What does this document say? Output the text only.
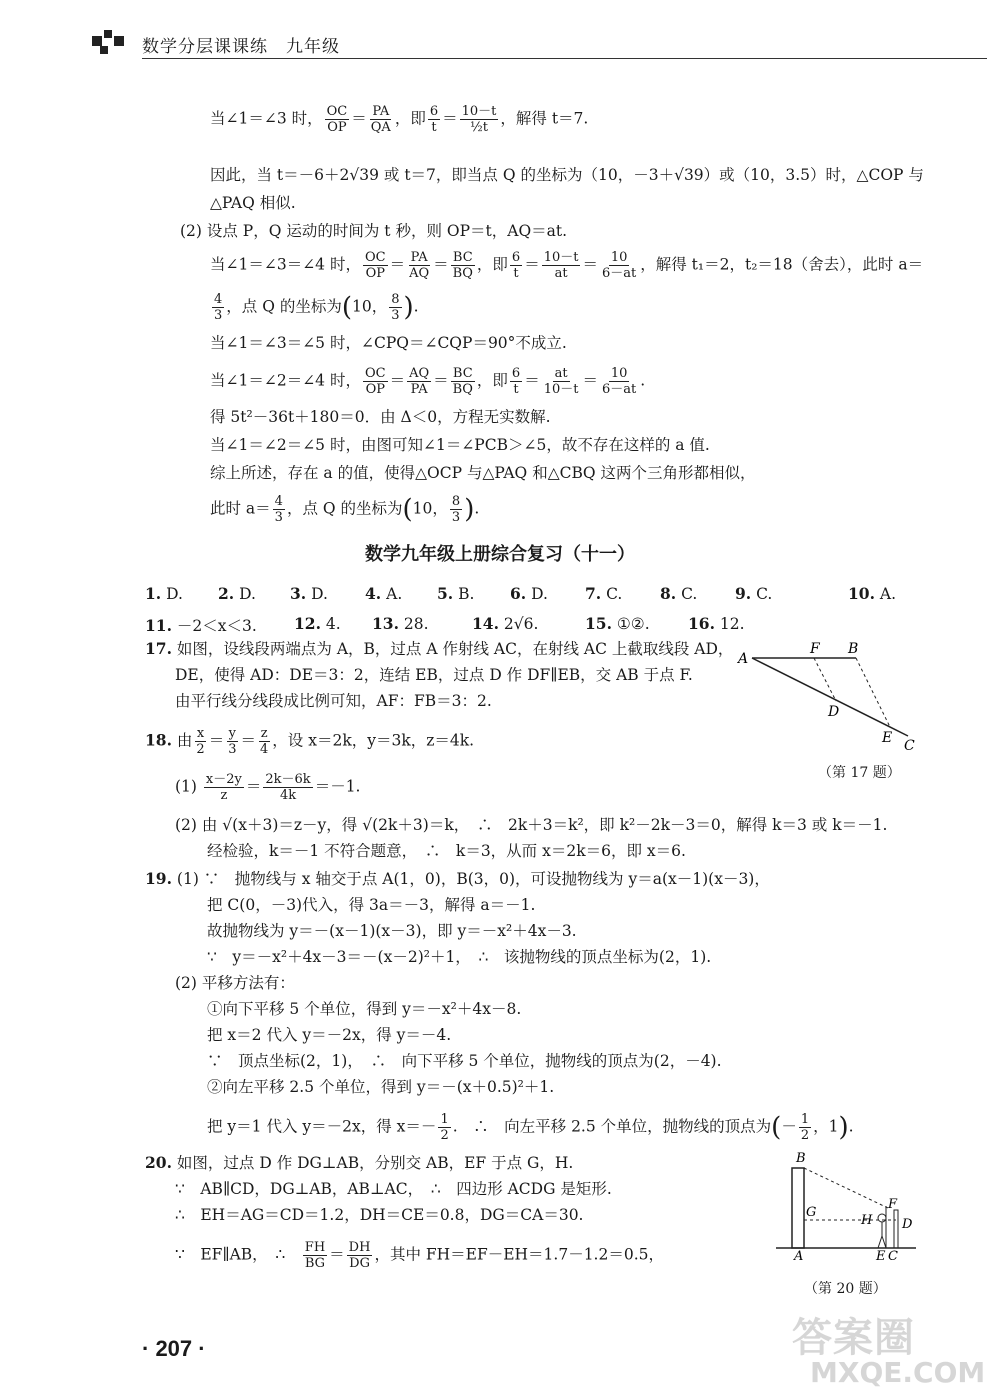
数学分层课课练　九年级
当∠1＝∠3 时， $\frac{OC}{OP} = \frac{PA}{QA}$ ，即 $\frac{6}{t} = \frac{10-t}{\text{½t}}$ ，解得 t＝7.
因此，当 t＝－6＋2√39 或 t＝7，即当点 Q 的坐标为（10，－3＋√39）或（10，3.5）时，△COP 与
△PAQ 相似.
(2) 设点 P，Q 运动的时间为 t 秒，则 OP＝t，AQ＝at.
当∠1＝∠3＝∠4 时， $\frac{OC}{OP} = \frac{PA}{AQ} = \frac{BC}{BQ}$ ，即 $\frac{6}{t} = \frac{10-t}{at} = \frac{10}{6-at}$ ，解得 t₁＝2，t₂＝18（舍去），此时 a＝
$\frac{4}{3}$ ，点 Q 的坐标为(10， $\frac{8}{3}$ ).
当∠1＝∠3＝∠5 时，∠CPQ＝∠CQP＝90°不成立.
当∠1＝∠2＝∠4 时， $\frac{OC}{OP} = \frac{AQ}{PA} = \frac{BC}{BQ}$ ，即 $\frac{6}{t} = \frac{at}{10-t} = \frac{10}{6-at}$ .
得 5t²－36t＋180＝0．由 Δ＜0，方程无实数解.
当∠1＝∠2＝∠5 时，由图可知∠1＝∠PCB＞∠5，故不存在这样的 a 值.
综上所述，存在 a 的值，使得△OCP 与△PAQ 和△CBQ 这两个三角形都相似，
此时 $a= \frac{4}{3}$ ，点 Q 的坐标为(10， $\frac{8}{3}$ ).
数学九年级上册综合复习（十一）
1. D. 2. D. 3. D. 4. A. 5. B. 6. D. 7. C. 8. C. 9. C.	10. A.
11. －2＜x＜3. 12. 4. 13. 28.	14. 2√6.	15. ①②. 16. 12.
17. 如图，设线段两端点为 A，B，过点 A 作射线 AC，在射线 AC 上截取线段 AD，
DE，使得 AD：DE＝3：2，连结 EB，过点 D 作 DF∥EB，交 AB 于点 F.
由平行线分线段成比例可知，AF：FB＝3：2.
A
F B
D
E C
（第 17 题）
18. 由 $\frac{x}{2} = \frac{y}{3} = \frac{z}{4}$ ，设 x＝2k，y＝3k，z＝4k.
$(1) \frac{x-2y}{z} = \frac{2k-6k}{4k} =-1$.
(2) 由 √(x＋3)＝z－y，得 √(2k＋3)＝k，　∴　2k＋3＝k²，即 k²－2k－3＝0，解得 k＝3 或 k＝－1.
经检验，k＝－1 不符合题意，　∴　k＝3，从而 x＝2k＝6，即 x＝6.
19. (1) ∵　抛物线与 x 轴交于点 A(1，0)，B(3，0)，可设抛物线为 y＝a(x－1)(x－3)，
把 C(0，－3)代入，得 3a＝－3，解得 a＝－1.
故抛物线为 y＝－(x－1)(x－3)，即 y＝－x²＋4x－3.
∵　y＝－x²＋4x－3＝－(x－2)²＋1，　∴　该抛物线的顶点坐标为(2，1).
(2) 平移方法有：
①向下平移 5 个单位，得到 y＝－x²＋4x－8.
把 x＝2 代入 y＝－2x，得 y＝－4.
∵　顶点坐标(2，1)，　∴　向下平移 5 个单位，抛物线的顶点为(2，－4).
②向左平移 2.5 个单位，得到 y＝－(x＋0.5)²＋1.
把 y＝1 代入 y＝－2x，得 $x=- \frac{1}{2}$ .　∴　向左平移 2.5 个单位，抛物线的顶点为(－ $\frac{1}{2}$ ，1).
20. 如图，过点 D 作 DG⊥AB，分别交 AB，EF 于点 G，H.
∵　AB∥CD，DG⊥AB，AB⊥AC，　∴　四边形 ACDG 是矩形.
∴　EH＝AG＝CD＝1.2，DH＝CE＝0.8，DG＝CA＝30.
∵　EF∥AB，　∴　 $\frac{FH}{BG} = \frac{DH}{DG}$ ，其中 FH＝EF－EH＝1.7－1.2＝0.5，
B
G
H
F
D
A	E C
（第 20 题）
· 207 ·	答案圈
MXQE.COM
